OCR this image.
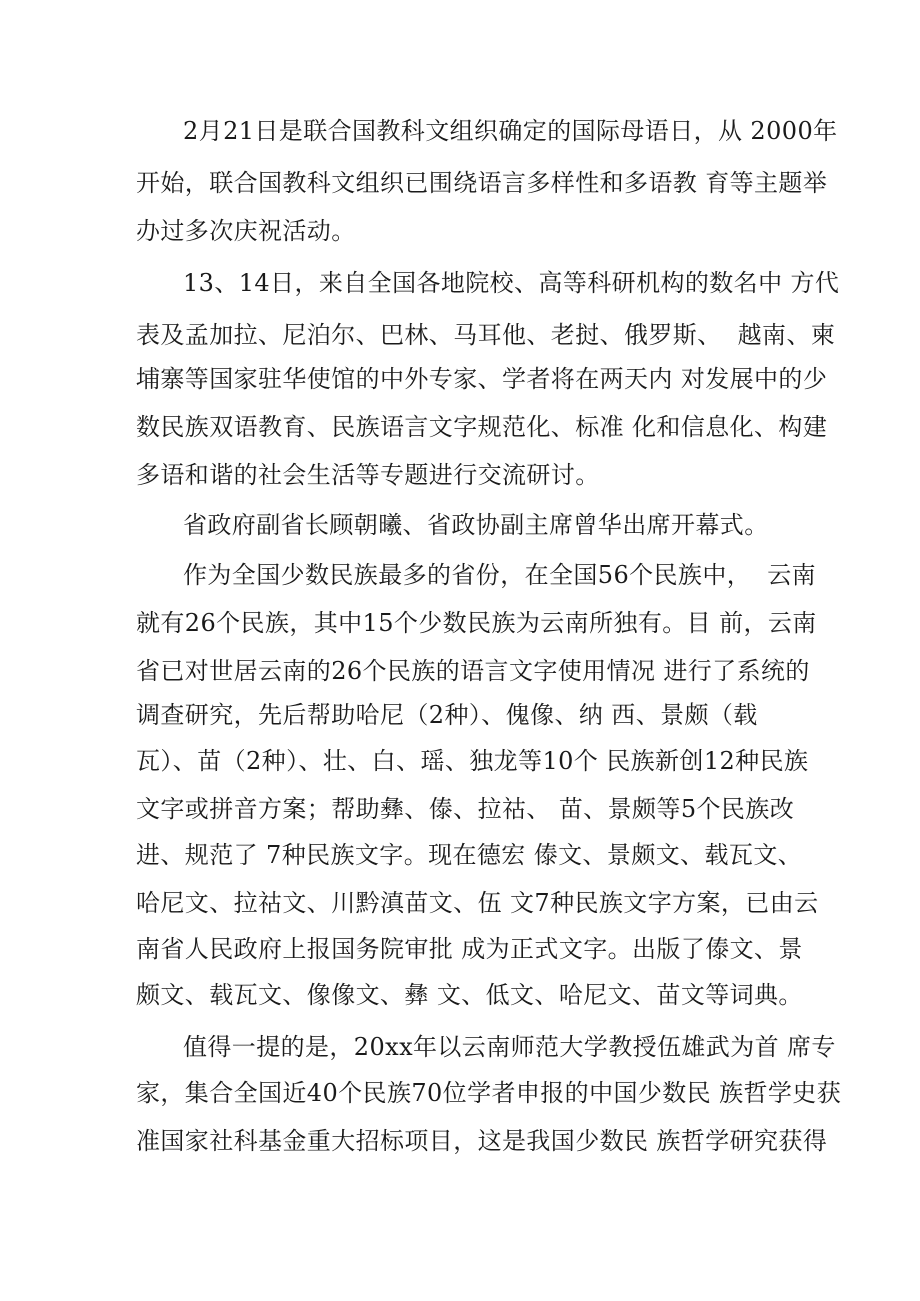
2月21日是联合国教科文组织确定的国际母语日，从 2000年
开始，联合国教科文组织已围绕语言多样性和多语教 育等主题举
办过多次庆祝活动。
13、14日，来自全国各地院校、高等科研机构的数名中 方代
表及孟加拉、尼泊尔、巴林、马耳他、老挝、俄罗斯、  越南、柬
埔寨等国家驻华使馆的中外专家、学者将在两天内 对发展中的少
数民族双语教育、民族语言文字规范化、标准 化和信息化、构建
多语和谐的社会生活等专题进行交流研讨。
省政府副省长顾朝曦、省政协副主席曾华出席开幕式。
作为全国少数民族最多的省份，在全国56个民族中，  云南
就有26个民族，其中15个少数民族为云南所独有。目 前，云南
省已对世居云南的26个民族的语言文字使用情况 进行了系统的
调查研究，先后帮助哈尼（2种）、傀像、纳 西、景颇（载
瓦）、苗（2种）、壮、白、瑶、独龙等10个 民族新创12种民族
文字或拼音方案；帮助彝、傣、拉祜、 苗、景颇等5个民族改
进、规范了 7种民族文字。现在德宏 傣文、景颇文、载瓦文、
哈尼文、拉祜文、川黔滇苗文、伍 文7种民族文字方案，已由云
南省人民政府上报国务院审批 成为正式文字。出版了傣文、景
颇文、载瓦文、像像文、彝 文、低文、哈尼文、苗文等词典。
值得一提的是，20xx年以云南师范大学教授伍雄武为首 席专
家，集合全国近40个民族70位学者申报的中国少数民 族哲学史获
准国家社科基金重大招标项目，这是我国少数民 族哲学研究获得
